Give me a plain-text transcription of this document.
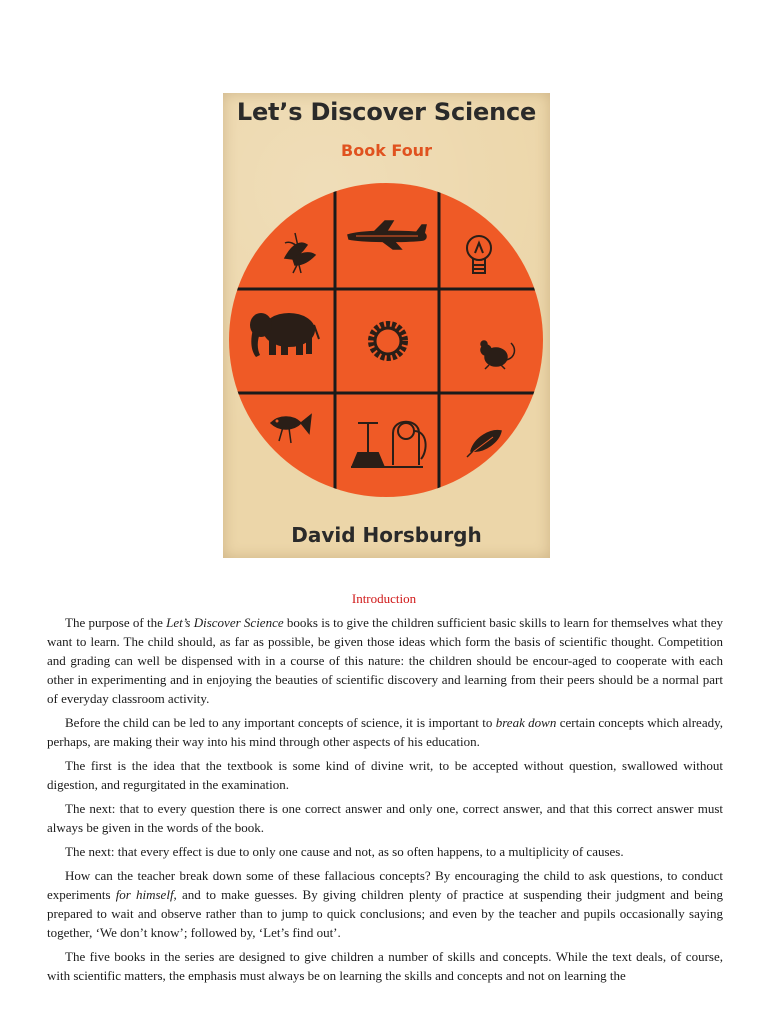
Let’s Discover Science
Book Four
David Horsburgh
Introduction

The purpose of the Let’s Discover Science books is to give the children sufficient basic skills to learn for themselves what they want to learn. The child should, as far as possible, be given those ideas which form the basis of scientific thought. Competition and grading can well be dispensed with in a course of this nature: the children should be encour-aged to cooperate with each other in experimenting and in enjoying the beauties of scientific discovery and learning from their peers should be a normal part of everyday classroom activity.

Before the child can be led to any important concepts of science, it is important to break down certain concepts which already, perhaps, are making their way into his mind through other aspects of his education.

The first is the idea that the textbook is some kind of divine writ, to be accepted without question, swallowed without digestion, and regurgitated in the examination.

The next: that to every question there is one correct answer and only one, correct answer, and that this correct answer must always be given in the words of the book.

The next: that every effect is due to only one cause and not, as so often happens, to a multiplicity of causes.

How can the teacher break down some of these fallacious concepts? By encouraging the child to ask questions, to conduct experiments for himself, and to make guesses. By giving children plenty of practice at suspending their judgment and being prepared to wait and observe rather than to jump to quick conclusions; and even by the teacher and pupils occasionally saying together, ‘We don’t know’; followed by, ‘Let’s find out’.

The five books in the series are designed to give children a number of skills and concepts. While the text deals, of course, with scientific matters, the emphasis must always be on learning the skills and concepts and not on learning the
